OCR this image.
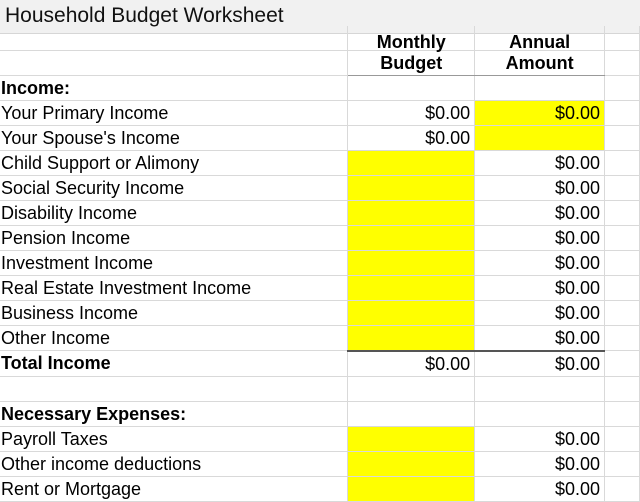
Household Budget Worksheet
	Monthly	Annual	
	Budget	Amount	
Income:			
Your Primary Income	$0.00	$0.00	
Your Spouse's Income	$0.00		
Child Support or Alimony		$0.00	
Social Security Income		$0.00	
Disability Income		$0.00	
Pension Income		$0.00	
Investment Income		$0.00	
Real Estate Investment Income		$0.00	
Business Income		$0.00	
Other Income		$0.00	
Total Income	$0.00	$0.00	

Necessary Expenses:			
Payroll Taxes		$0.00	
Other income deductions		$0.00	
Rent or Mortgage		$0.00	
